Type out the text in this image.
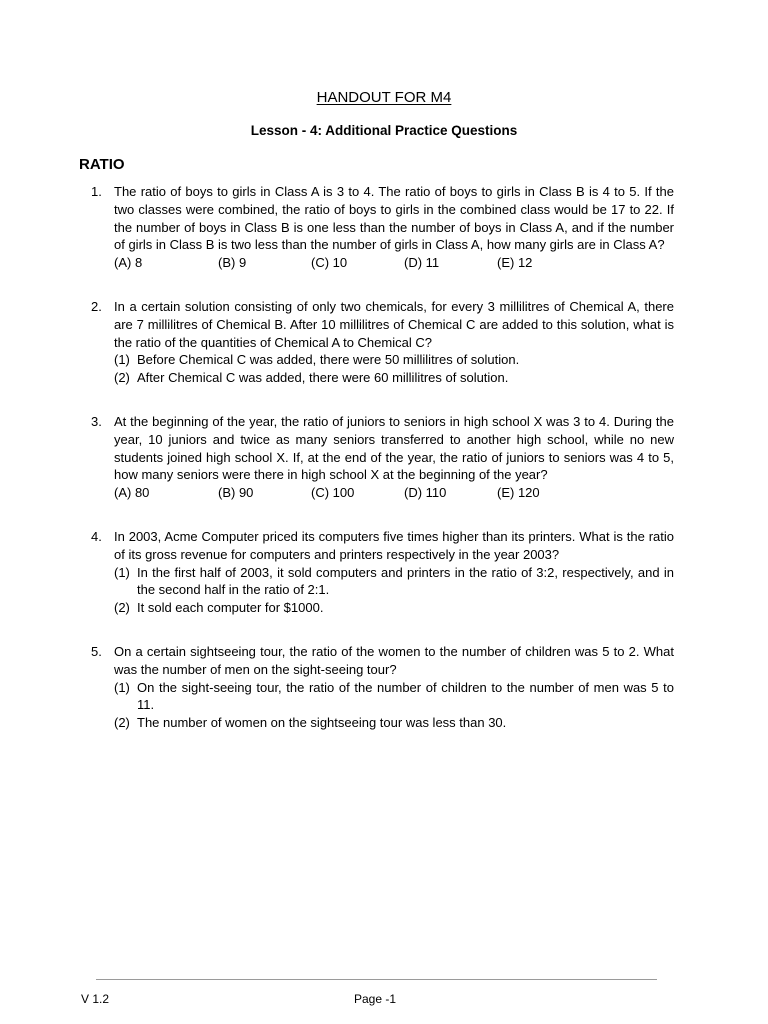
HANDOUT FOR M4
Lesson - 4: Additional Practice Questions
RATIO
1. The ratio of boys to girls in Class A is 3 to 4. The ratio of boys to girls in Class B is 4 to 5. If the two classes were combined, the ratio of boys to girls in the combined class would be 17 to 22. If the number of boys in Class B is one less than the number of boys in Class A, and if the number of girls in Class B is two less than the number of girls in Class A, how many girls are in Class A?
(A) 8	(B) 9	(C) 10	(D) 11	(E) 12
2. In a certain solution consisting of only two chemicals, for every 3 millilitres of Chemical A, there are 7 millilitres of Chemical B. After 10 millilitres of Chemical C are added to this solution, what is the ratio of the quantities of Chemical A to Chemical C?
(1) Before Chemical C was added, there were 50 millilitres of solution.
(2) After Chemical C was added, there were 60 millilitres of solution.
3. At the beginning of the year, the ratio of juniors to seniors in high school X was 3 to 4. During the year, 10 juniors and twice as many seniors transferred to another high school, while no new students joined high school X. If, at the end of the year, the ratio of juniors to seniors was 4 to 5, how many seniors were there in high school X at the beginning of the year?
(A) 80	(B) 90	(C) 100	(D) 110	(E) 120
4. In 2003, Acme Computer priced its computers five times higher than its printers. What is the ratio of its gross revenue for computers and printers respectively in the year 2003?
(1) In the first half of 2003, it sold computers and printers in the ratio of 3:2, respectively, and in the second half in the ratio of 2:1.
(2) It sold each computer for $1000.
5. On a certain sightseeing tour, the ratio of the women to the number of children was 5 to 2. What was the number of men on the sight-seeing tour?
(1) On the sight-seeing tour, the ratio of the number of children to the number of men was 5 to 11.
(2) The number of women on the sightseeing tour was less than 30.
V 1.2	Page -1
